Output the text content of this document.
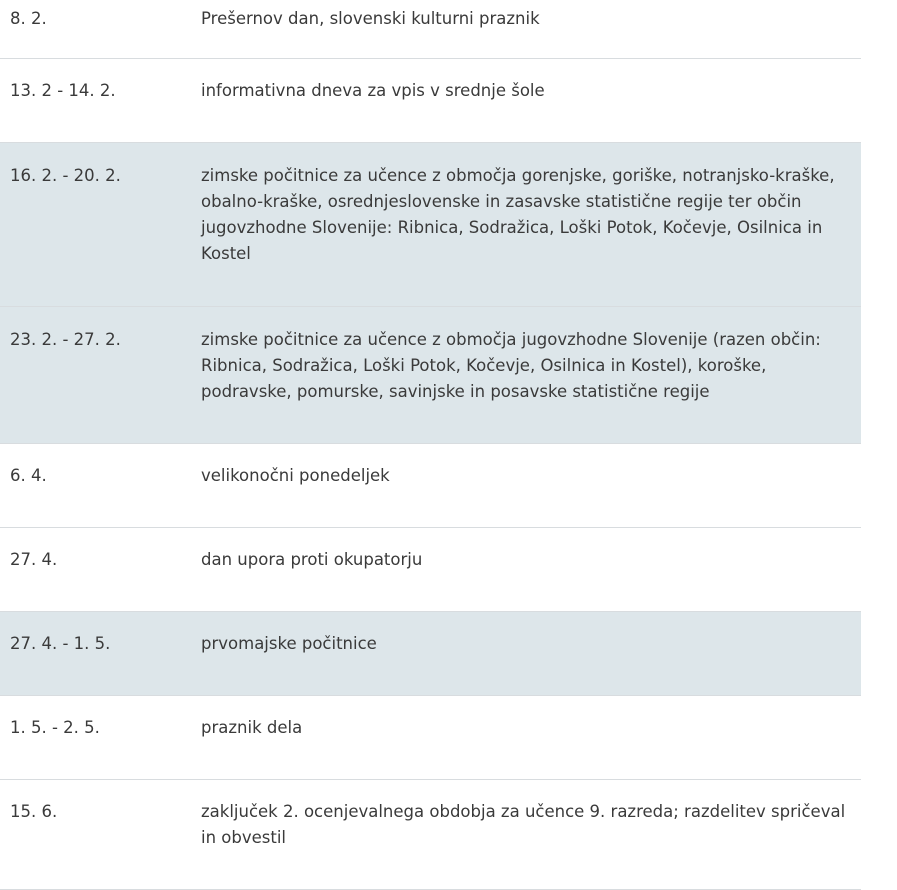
8. 2.	Prešernov dan, slovenski kulturni praznik
13. 2 - 14. 2.	informativna dneva za vpis v srednje šole
16. 2. - 20. 2.	zimske počitnice za učence z območja gorenjske, goriške, notranjsko-kraške, obalno-kraške, osrednjeslovenske in zasavske statistične regije ter občin jugovzhodne Slovenije: Ribnica, Sodražica, Loški Potok, Kočevje, Osilnica in Kostel
23. 2. - 27. 2.	zimske počitnice za učence z območja jugovzhodne Slovenije (razen občin: Ribnica, Sodražica, Loški Potok, Kočevje, Osilnica in Kostel), koroške, podravske, pomurske, savinjske in posavske statistične regije
6. 4.	velikonočni ponedeljek
27. 4.	dan upora proti okupatorju
27. 4. - 1. 5.	prvomajske počitnice
1. 5. - 2. 5.	praznik dela
15. 6.	zaključek 2. ocenjevalnega obdobja za učence 9. razreda; razdelitev spričeval in obvestil
